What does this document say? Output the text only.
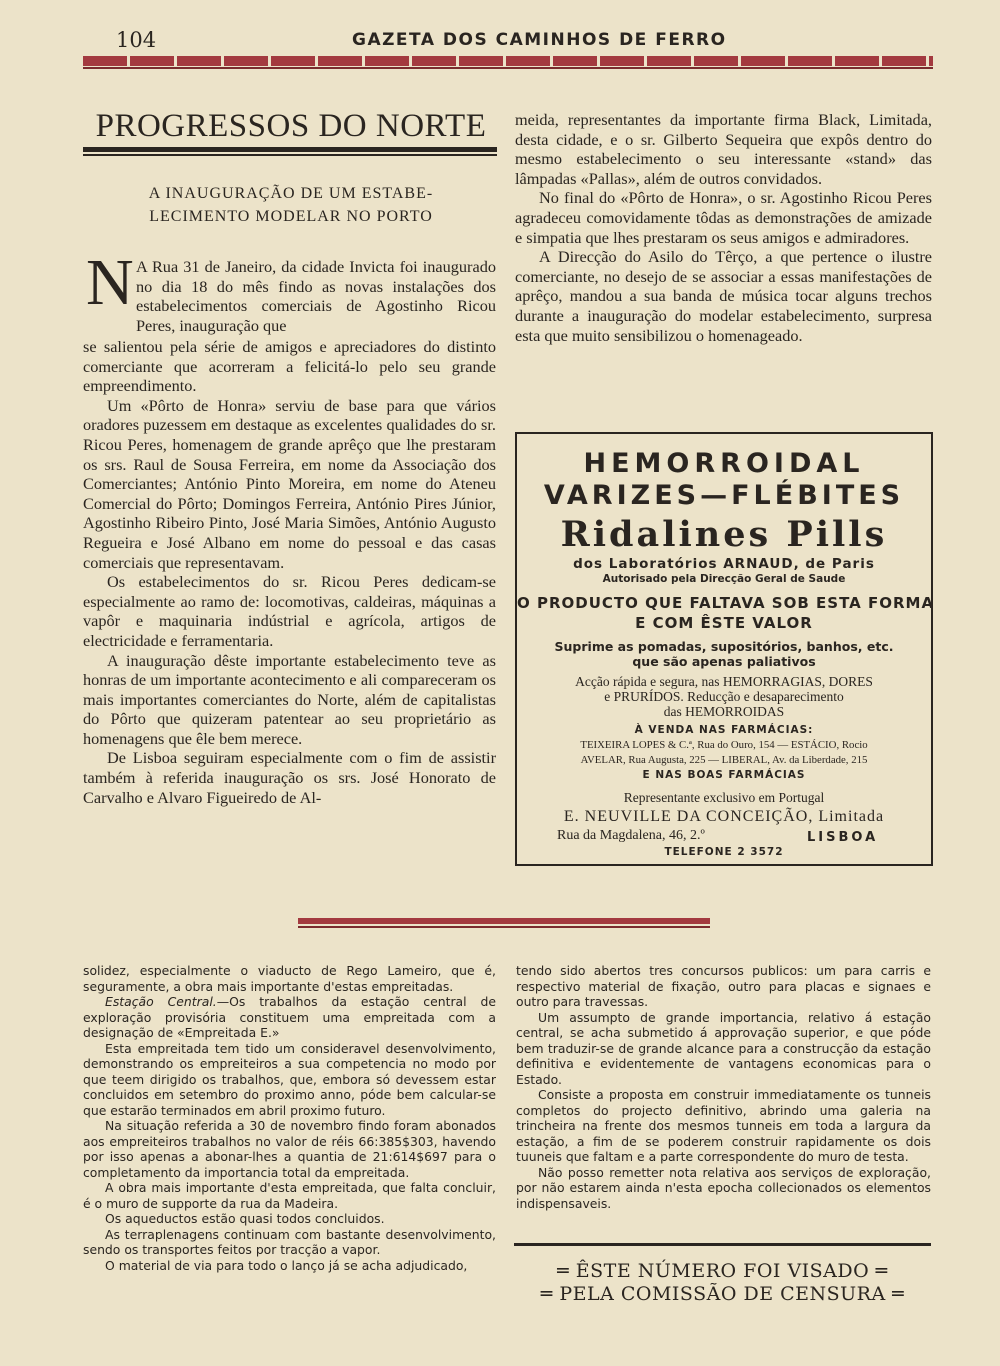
104	GAZETA DOS CAMINHOS DE FERRO
PROGRESSOS DO NORTE
A INAUGURAÇÃO DE UM ESTABE-
LECIMENTO MODELAR NO PORTO
N A Rua 31 de Janeiro, da cidade Invicta foi inaugurado no dia 18 do mês findo as novas instalações dos estabelecimentos comerciais de Agostinho Ricou Peres, inauguração que

se salientou pela série de amigos e apreciadores do distinto comerciante que acorreram a felicitá-lo pelo seu grande empreendimento.

Um «Pôrto de Honra» serviu de base para que vários oradores puzessem em destaque as excelentes qualidades do sr. Ricou Peres, homenagem de grande aprêço que lhe prestaram os srs. Raul de Sousa Ferreira, em nome da Associação dos Comerciantes; António Pinto Moreira, em nome do Ateneu Comercial do Pôrto; Domingos Ferreira, António Pires Júnior, Agostinho Ribeiro Pinto, José Maria Simões, António Augusto Regueira e José Albano em nome do pessoal e das casas comerciais que representavam.

Os estabelecimentos do sr. Ricou Peres dedicam-se especialmente ao ramo de: locomotivas, caldeiras, máquinas a vapôr e maquinaria indústrial e agrícola, artigos de electricidade e ferramentaria.

A inauguração dêste importante estabelecimento teve as honras de um importante acontecimento e ali compareceram os mais importantes comerciantes do Norte, além de capitalistas do Pôrto que quizeram patentear ao seu proprietário as homenagens que êle bem merece.

De Lisboa seguiram especialmente com o fim de assistir também à referida inauguração os srs. José Honorato de Carvalho e Alvaro Figueiredo de Al-

meida, representantes da importante firma Black, Limitada, desta cidade, e o sr. Gilberto Sequeira que expôs dentro do mesmo estabelecimento o seu interessante «stand» das lâmpadas «Pallas», além de outros convidados.

No final do «Pôrto de Honra», o sr. Agostinho Ricou Peres agradeceu comovidamente tôdas as demonstrações de amizade e simpatia que lhes prestaram os seus amigos e admiradores.

A Direcção do Asilo do Têrço, a que pertence o ilustre comerciante, no desejo de se associar a essas manifestações de aprêço, mandou a sua banda de música tocar alguns trechos durante a inauguração do modelar estabelecimento, surpresa esta que muito sensibilizou o homenageado.

HEMORROIDAL
VARIZES—FLÉBITES
Ridalines Pills
dos Laboratórios ARNAUD, de Paris
Autorisado pela Direcção Geral de Saude
O PRODUCTO QUE FALTAVA SOB ESTA FORMA
E COM ÊSTE VALOR
Suprime as pomadas, supositórios, banhos, etc.
que são apenas paliativos
Acção rápida e segura, nas HEMORRAGIAS, DORES
e PRURÍDOS. Reducção e desaparecimento
das HEMORROIDAS
À VENDA NAS FARMÁCIAS:
TEIXEIRA LOPES & C.ª, Rua do Ouro, 154 — ESTÁCIO, Rocio
AVELAR, Rua Augusta, 225 — LIBERAL, Av. da Liberdade, 215
E NAS BOAS FARMÁCIAS
Representante exclusivo em Portugal
E. NEUVILLE DA CONCEIÇÃO, Limitada
Rua da Magdalena, 46, 2.º	LISBOA
TELEFONE 2 3572

solidez, especialmente o viaducto de Rego Lameiro, que é, seguramente, a obra mais importante d'estas empreitadas.

Estação Central.—Os trabalhos da estação central de exploração provisória constituem uma empreitada com a designação de «Empreitada E.»

Esta empreitada tem tido um consideravel desenvolvimento, demonstrando os empreiteiros a sua competencia no modo por que teem dirigido os trabalhos, que, embora só devessem estar concluidos em setembro do proximo anno, póde bem calcular-se que estarão terminados em abril proximo futuro.

Na situação referida a 30 de novembro findo foram abonados aos empreiteiros trabalhos no valor de réis 66:385$303, havendo por isso apenas a abonar-lhes a quantia de 21:614$697 para o completamento da importancia total da empreitada.

A obra mais importante d'esta empreitada, que falta concluir, é o muro de supporte da rua da Madeira.

Os aqueductos estão quasi todos concluidos.

As terraplenagens continuam com bastante desenvolvimento, sendo os transportes feitos por tracção a vapor.

O material de via para todo o lanço já se acha adjudicado,

tendo sido abertos tres concursos publicos: um para carris e respectivo material de fixação, outro para placas e signaes e outro para travessas.

Um assumpto de grande importancia, relativo á estação central, se acha submetido á approvação superior, e que póde bem traduzir-se de grande alcance para a construcção da estação definitiva e evidentemente de vantagens economicas para o Estado.

Consiste a proposta em construir immediatamente os tunneis completos do projecto definitivo, abrindo uma galeria na trincheira na frente dos mesmos tunneis em toda a largura da estação, a fim de se poderem construir rapidamente os dois tuuneis que faltam e a parte correspondente do muro de testa.

Não posso remetter nota relativa aos serviços de exploração, por não estarem ainda n'esta epocha collecionados os elementos indispensaveis.

═ ÊSTE NÚMERO FOI VISADO ═
═ PELA COMISSÃO DE CENSURA ═
